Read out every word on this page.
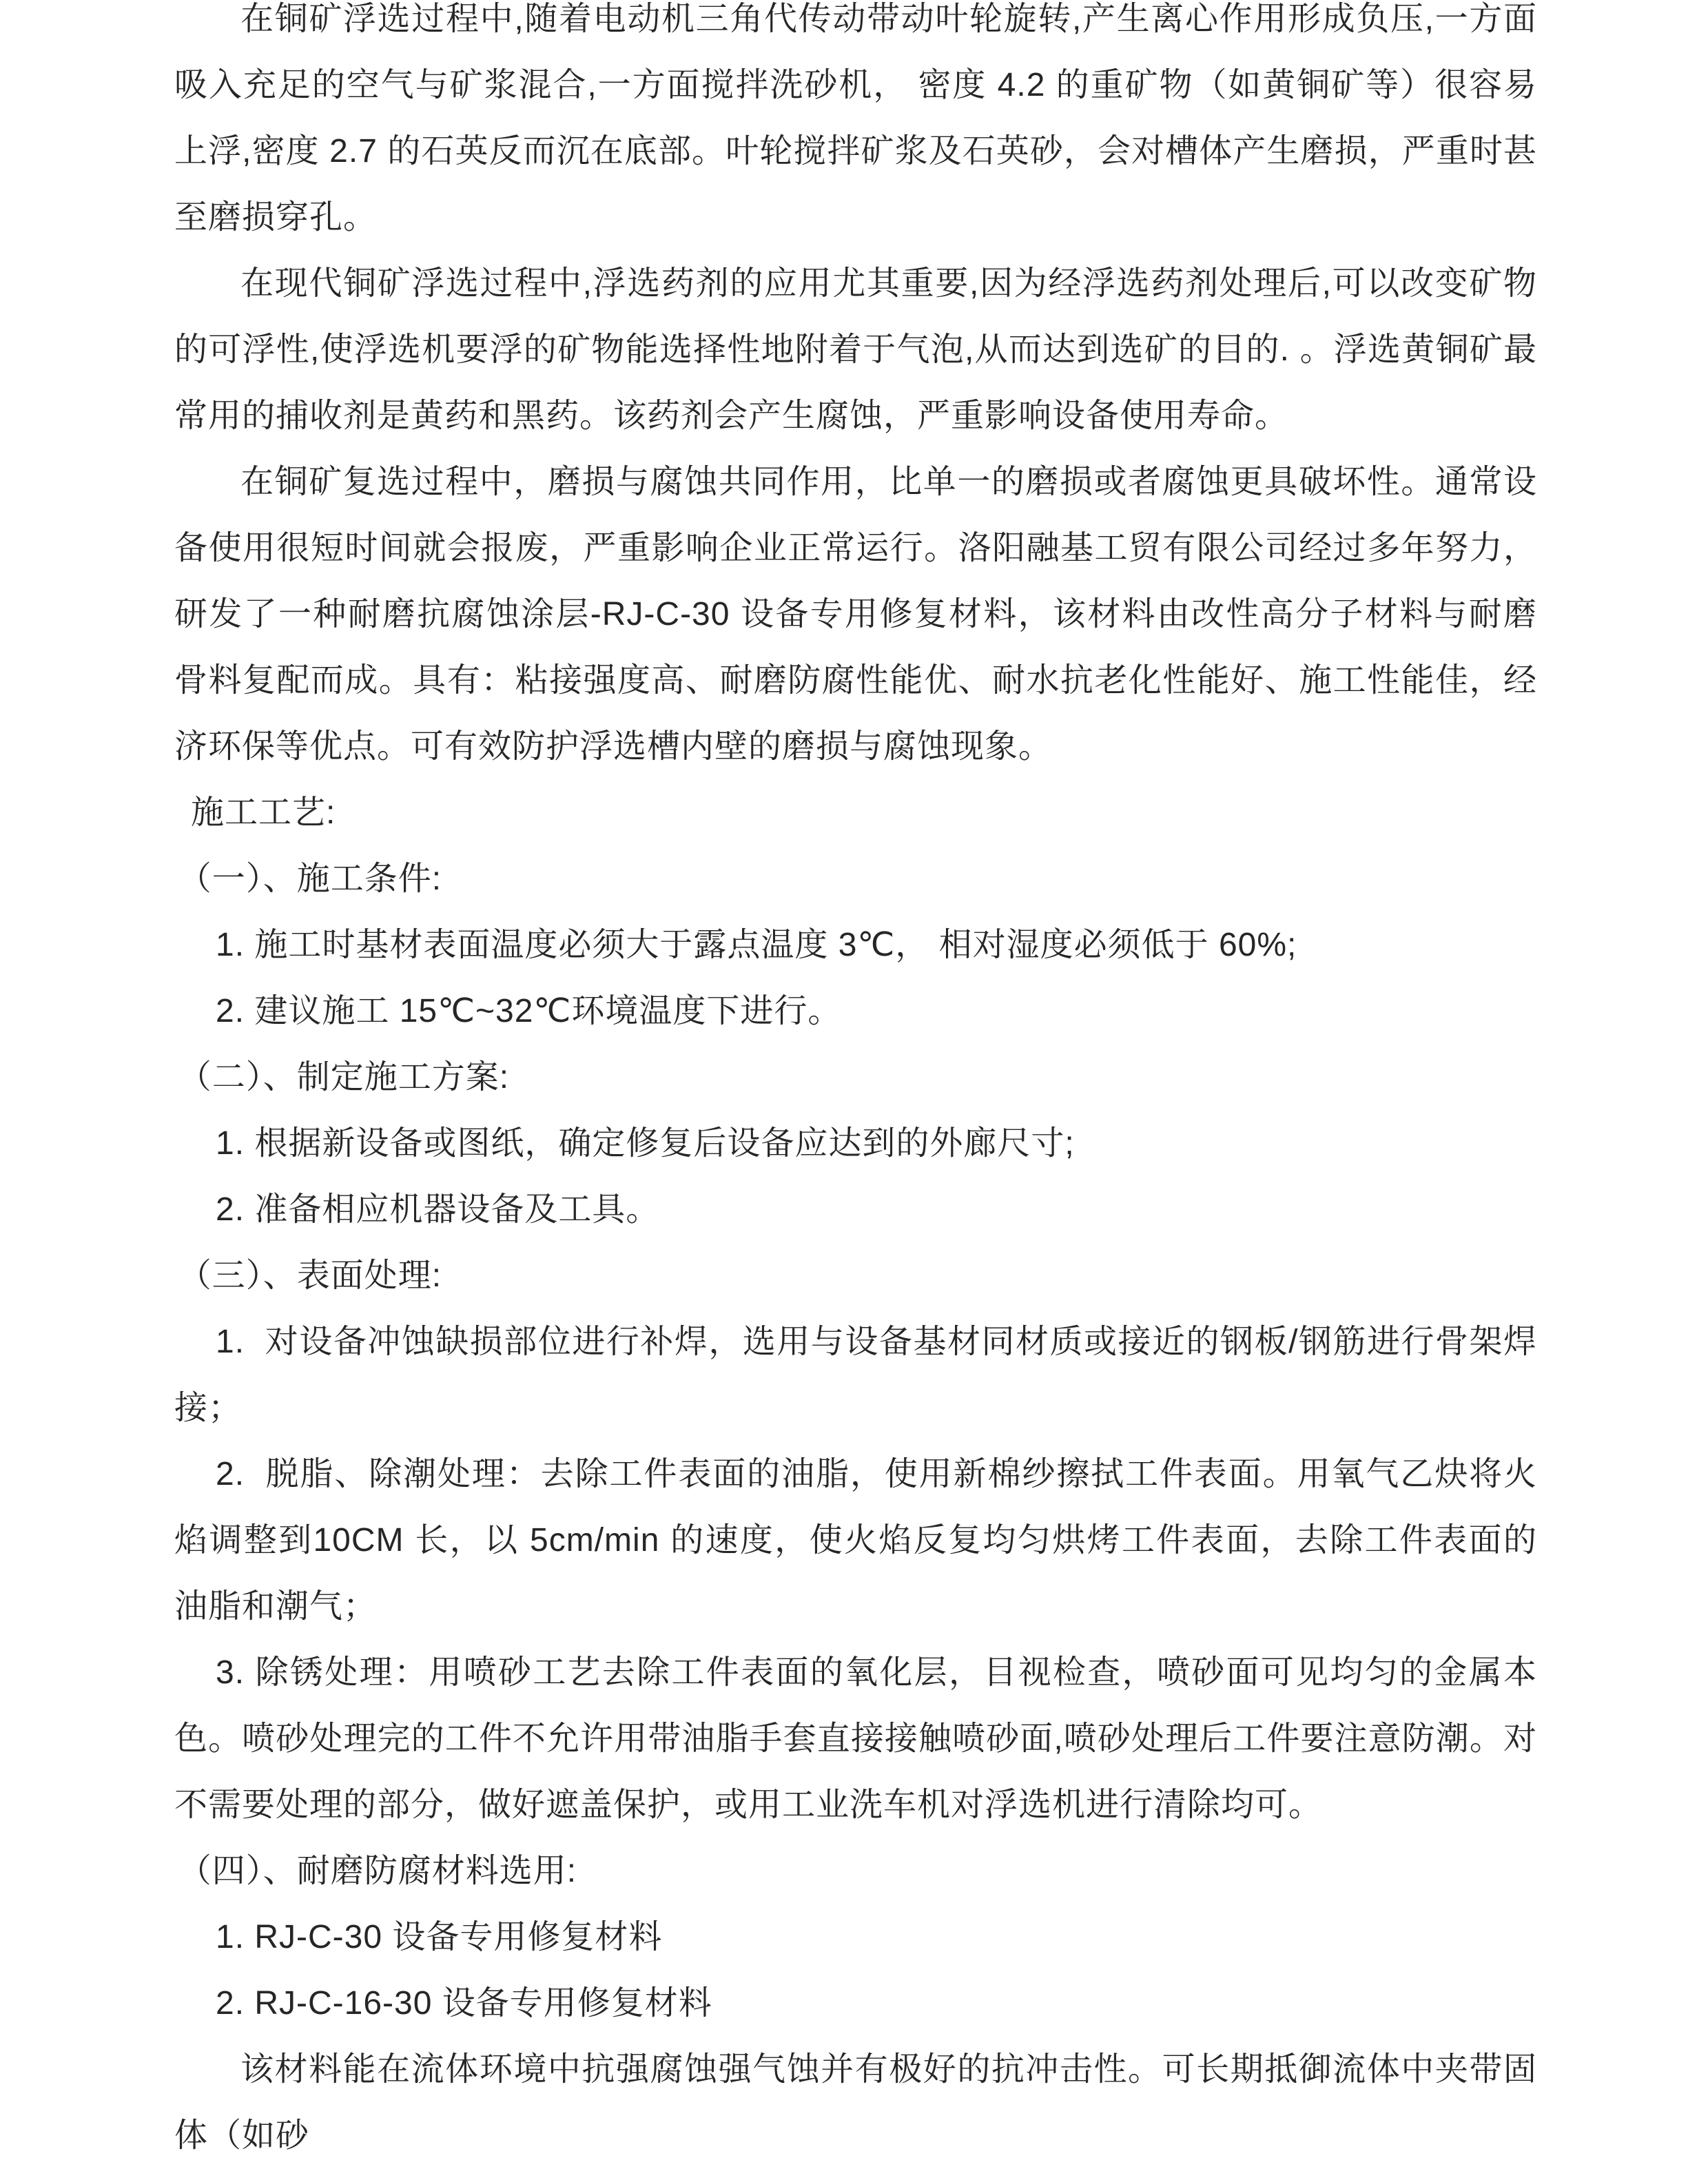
在铜矿浮选过程中,随着电动机三角代传动带动叶轮旋转,产生离心作用形成负压,一方面吸入充足的空气与矿浆混合,一方面搅拌洗砂机， 密度 4.2 的重矿物（如黄铜矿等）很容易上浮,密度 2.7 的石英反而沉在底部。叶轮搅拌矿浆及石英砂，会对槽体产生磨损，严重时甚至磨损穿孔。

在现代铜矿浮选过程中,浮选药剂的应用尤其重要,因为经浮选药剂处理后,可以改变矿物的可浮性,使浮选机要浮的矿物能选择性地附着于气泡,从而达到选矿的目的. 。浮选黄铜矿最常用的捕收剂是黄药和黑药。该药剂会产生腐蚀，严重影响设备使用寿命。

在铜矿复选过程中，磨损与腐蚀共同作用，比单一的磨损或者腐蚀更具破坏性。通常设备使用很短时间就会报废，严重影响企业正常运行。洛阳融基工贸有限公司经过多年努力，研发了一种耐磨抗腐蚀涂层-RJ-C-30 设备专用修复材料，该材料由改性高分子材料与耐磨骨料复配而成。具有：粘接强度高、耐磨防腐性能优、耐水抗老化性能好、施工性能佳，经济环保等优点。可有效防护浮选槽内壁的磨损与腐蚀现象。

施工工艺:

（一）、施工条件:

1. 施工时基材表面温度必须大于露点温度 3℃， 相对湿度必须低于 60%;

2. 建议施工 15℃~32℃环境温度下进行。

（二）、制定施工方案:

1. 根据新设备或图纸，确定修复后设备应达到的外廊尺寸;

2. 准备相应机器设备及工具。

（三）、表面处理:

1.  对设备冲蚀缺损部位进行补焊，选用与设备基材同材质或接近的钢板/钢筋进行骨架焊接；

2.  脱脂、除潮处理：去除工件表面的油脂，使用新棉纱擦拭工件表面。用氧气乙炔将火焰调整到10CM 长，以 5cm/min 的速度，使火焰反复均匀烘烤工件表面，去除工件表面的油脂和潮气；

3. 除锈处理：用喷砂工艺去除工件表面的氧化层，目视检查，喷砂面可见均匀的金属本色。喷砂处理完的工件不允许用带油脂手套直接接触喷砂面,喷砂处理后工件要注意防潮。对不需要处理的部分，做好遮盖保护，或用工业洗车机对浮选机进行清除均可。

（四）、耐磨防腐材料选用:

1. RJ-C-30 设备专用修复材料

2. RJ-C-16-30 设备专用修复材料

该材料能在流体环境中抗强腐蚀强气蚀并有极好的抗冲击性。可长期抵御流体中夹带固体（如砂
